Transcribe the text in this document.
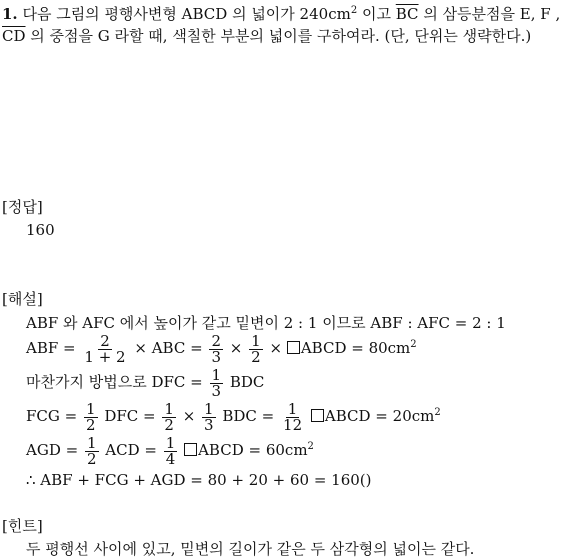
1. 다음 그림의 평행사변형 ABCD 의 넓이가 $240cm^2$ 이고 $\overline{BC}$ 의 삼등분점을 E, F , $\overline{CD}$ 의 중점을 G 라할 때, 색칠한 부분의 넓이를 구하여라. (단, 단위는 생략한다.)
[정답]
160
[해설]
ABF 와 AFC 에서 높이가 같고 밑변이 2 : 1 이므로 ABF : AFC = 2 : 1
ABF = $\frac{2}{1 + 2}$ × ABC = $\frac{2}{3} \times \frac{1}{2}$ × ABCD = $80cm^2$
마찬가지 방법으로 DFC = $\frac{1}{3}$ BDC
FCG = $\frac{1}{2}$ DFC = $\frac{1}{2} \times \frac{1}{3}$ BDC = $\frac{1}{12}$ ABCD = $20cm^2$
AGD = $\frac{1}{2}$ ACD = $\frac{1}{4}$ ABCD = $60cm^2$
∴ ABF + FCG + AGD = 80 + 20 + 60 = 160()
[힌트]
두 평행선 사이에 있고, 밑변의 길이가 같은 두 삼각형의 넓이는 같다.
